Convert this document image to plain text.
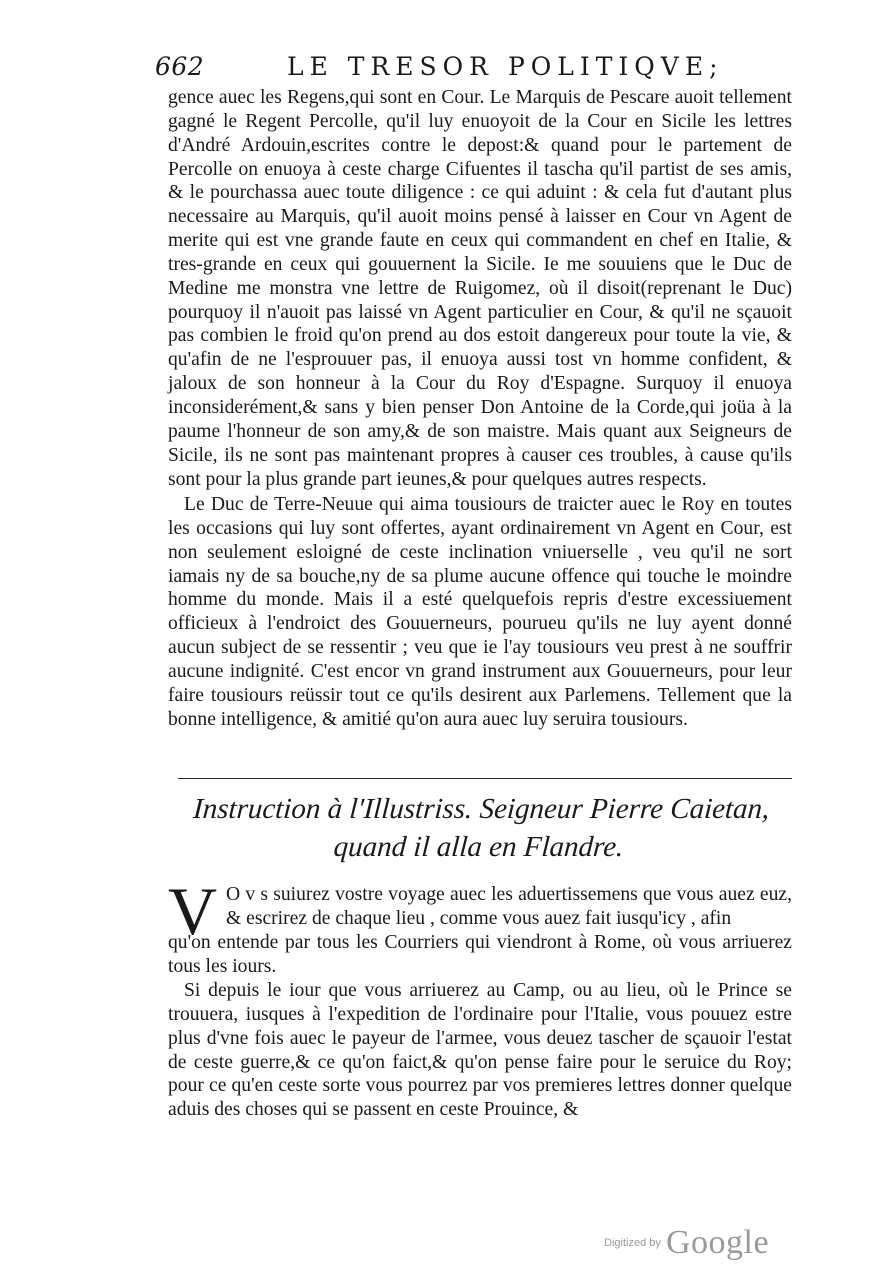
662	LE TRESOR POLITIQVE;
gence auec les Regens,qui sont en Cour. Le Marquis de Pescare auoit tellement gagné le Regent Percolle, qu'il luy enuoyoit de la Cour en Sicile les lettres d'André Ardouin,escrites contre le depost:& quand pour le partement de Percolle on enuoya à ceste charge Cifuentes il tascha qu'il partist de ses amis, & le pourchassa auec toute diligence : ce qui aduint : & cela fut d'autant plus necessaire au Marquis, qu'il auoit moins pensé à laisser en Cour vn Agent de merite qui est vne grande faute en ceux qui commandent en chef en Italie, & tres-grande en ceux qui gouuernent la Sicile. Ie me souuiens que le Duc de Medine me monstra vne lettre de Ruigomez, où il disoit(reprenant le Duc) pourquoy il n'auoit pas laissé vn Agent particulier en Cour, & qu'il ne sçauoit pas combien le froid qu'on prend au dos estoit dangereux pour toute la vie, & qu'afin de ne l'esprouuer pas, il enuoya aussi tost vn homme confident, & jaloux de son honneur à la Cour du Roy d'Espagne. Surquoy il enuoya inconsiderément,& sans y bien penser Don Antoine de la Corde,qui joüa à la paume l'honneur de son amy,& de son maistre. Mais quant aux Seigneurs de Sicile, ils ne sont pas maintenant propres à causer ces troubles, à cause qu'ils sont pour la plus grande part ieunes,& pour quelques autres respects.
Le Duc de Terre-Neuue qui aima tousiours de traicter auec le Roy en toutes les occasions qui luy sont offertes, ayant ordinairement vn Agent en Cour, est non seulement esloigné de ceste inclination vniuerselle , veu qu'il ne sort iamais ny de sa bouche,ny de sa plume aucune offence qui touche le moindre homme du monde. Mais il a esté quelquefois repris d'estre excessiuement officieux à l'endroict des Gouuerneurs, pourueu qu'ils ne luy ayent donné aucun subject de se ressentir ; veu que ie l'ay tousiours veu prest à ne souffrir aucune indignité. C'est encor vn grand instrument aux Gouuerneurs, pour leur faire tousiours reüssir tout ce qu'ils desirent aux Parlemens. Tellement que la bonne intelligence, & amitié qu'on aura auec luy seruira tousiours.
Instruction à l'Illustriss. Seigneur Pierre Caietan,
quand il alla en Flandre.
V O v s suiurez vostre voyage auec les aduertissemens que vous auez euz, & escrirez de chaque lieu , comme vous auez fait iusqu'icy , afin

qu'on entende par tous les Courriers qui viendront à Rome, où vous arriuerez tous les iours.

Si depuis le iour que vous arriuerez au Camp, ou au lieu, où le Prince se trouuera, iusques à l'expedition de l'ordinaire pour l'Italie, vous pouuez estre plus d'vne fois auec le payeur de l'armee, vous deuez tascher de sçauoir l'estat de ceste guerre,& ce qu'on faict,& qu'on pense faire pour le seruice du Roy; pour ce qu'en ceste sorte vous pourrez par vos premieres lettres donner quelque aduis des choses qui se passent en ceste Prouince, &
Digitized by Google
